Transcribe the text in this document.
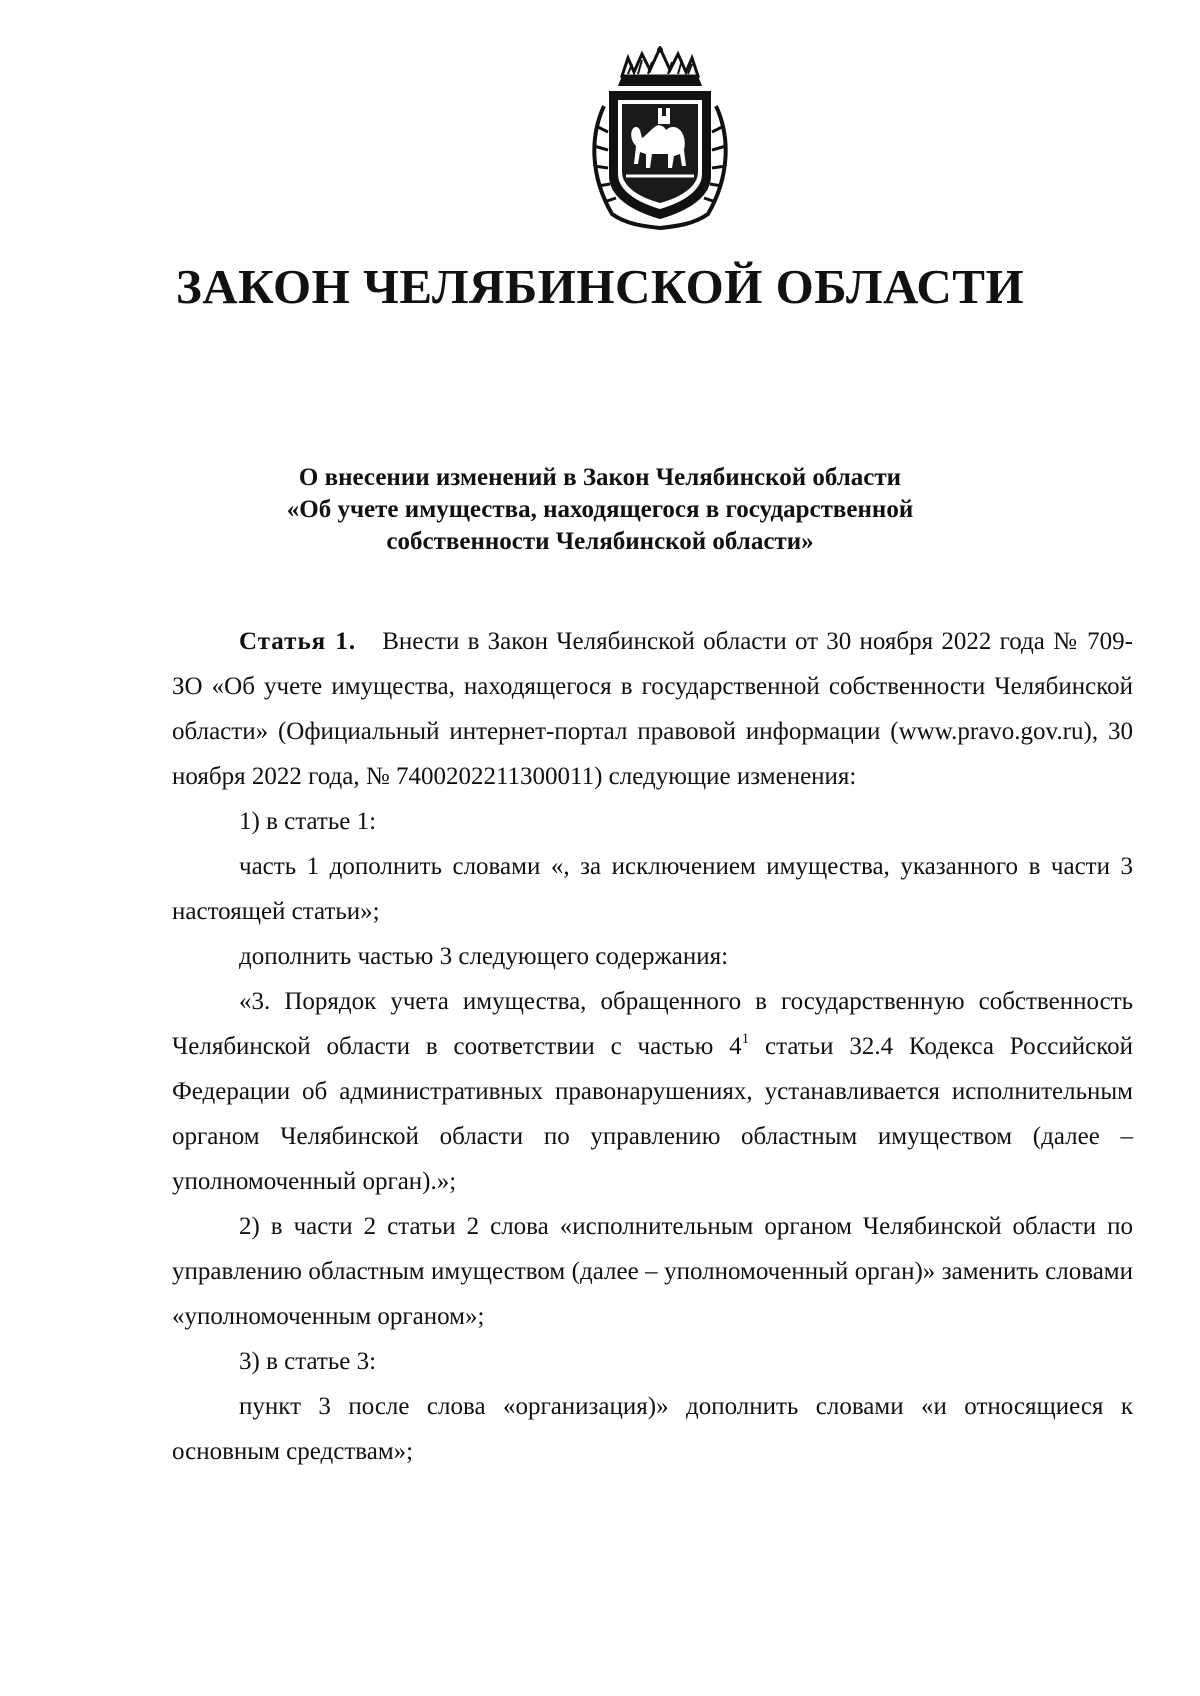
ЗАКОН ЧЕЛЯБИНСКОЙ ОБЛАСТИ
О внесении изменений в Закон Челябинской области
«Об учете имущества, находящегося в государственной
собственности Челябинской области»

Статья 1. Внести в Закон Челябинской области от 30 ноября 2022 года № 709-ЗО «Об учете имущества, находящегося в государственной собственности Челябинской области» (Официальный интернет-портал правовой информации (www.pravo.gov.ru), 30 ноября 2022 года, № 7400202211300011) следующие изменения:

1) в статье 1:

часть 1 дополнить словами «, за исключением имущества, указанного в части 3 настоящей статьи»;

дополнить частью 3 следующего содержания:

«3. Порядок учета имущества, обращенного в государственную собственность Челябинской области в соответствии с частью $4^1$ статьи 32.4 Кодекса Российской Федерации об административных правонарушениях, устанавливается исполнительным органом Челябинской области по управлению областным имуществом (далее – уполномоченный орган).»;

2) в части 2 статьи 2 слова «исполнительным органом Челябинской области по управлению областным имуществом (далее – уполномоченный орган)» заменить словами «уполномоченным органом»;

3) в статье 3:

пункт 3 после слова «организация)» дополнить словами «и относящиеся к основным средствам»;
